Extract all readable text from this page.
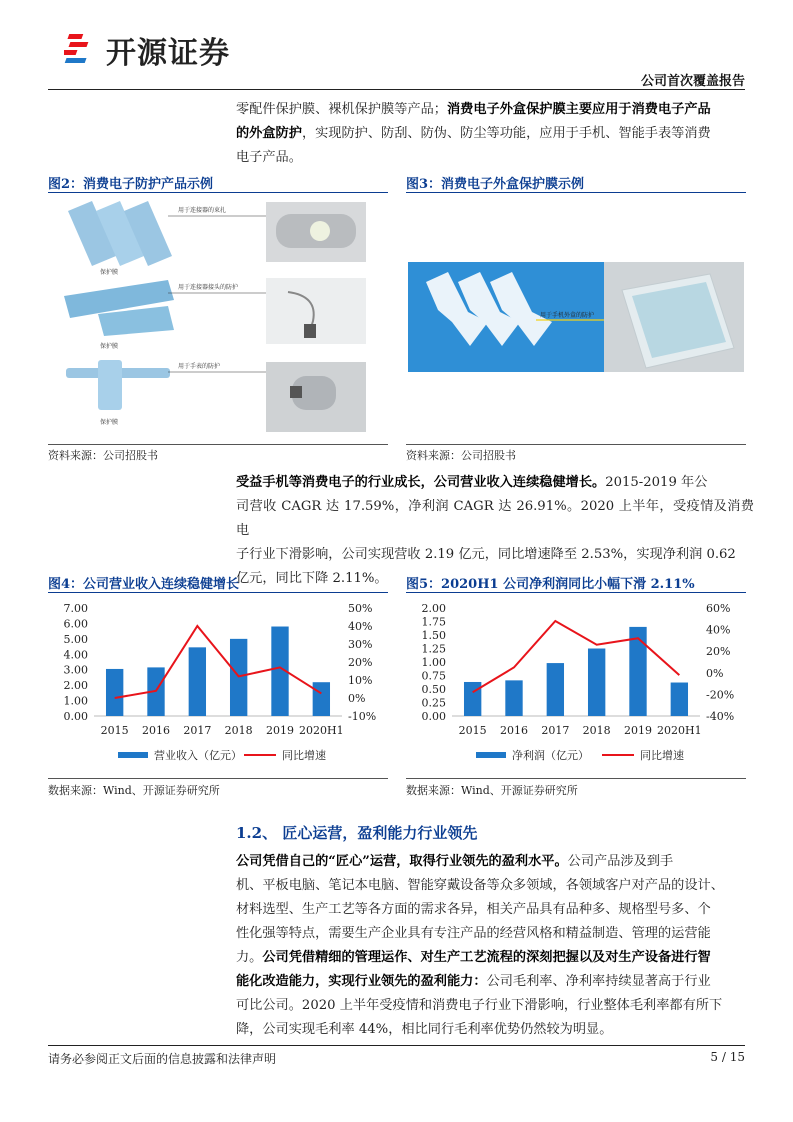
开源证券
公司首次覆盖报告
零配件保护膜、裸机保护膜等产品；消费电子外盒保护膜主要应用于消费电子产品
的外盒防护，实现防护、防刮、防伪、防尘等功能，应用于手机、智能手表等消费
电子产品。
图2：消费电子防护产品示例
保护膜
用于连接器的束扎
保护膜
用于连接器接头的防护
保护膜
用于手表的防护
资料来源：公司招股书
图3：消费电子外盒保护膜示例
用于手机外盒的防护
资料来源：公司招股书
受益手机等消费电子的行业成长，公司营业收入连续稳健增长。2015-2019 年公
司营收 CAGR 达 17.59%，净利润 CAGR 达 26.91%。2020 上半年，受疫情及消费电
子行业下滑影响，公司实现营收 2.19 亿元，同比增速降至 2.53%，实现净利润 0.62
亿元，同比下降 2.11%。
图4：公司营业收入连续稳健增长
0.00
1.00
2.00
3.00
4.00
5.00
6.00
7.00
-10%
0%
10%
20%
30%
40%
50%
2015 2016 2017 2018 2019 2020H1
营业收入（亿元）	同比增速
数据来源：Wind、开源证券研究所
图5：2020H1 公司净利润同比小幅下滑 2.11%
0.00
0.25
0.50
0.75
1.00
1.25
1.50
1.75
2.00
-40%
-20%
0%
20%
40%
60%
2015 2016 2017 2018 2019 2020H1
净利润（亿元）	同比增速
数据来源：Wind、开源证券研究所
1.2、 匠心运营，盈利能力行业领先
公司凭借自己的“匠心”运营，取得行业领先的盈利水平。公司产品涉及到手
机、平板电脑、笔记本电脑、智能穿戴设备等众多领域，各领域客户对产品的设计、
材料选型、生产工艺等各方面的需求各异，相关产品具有品种多、规格型号多、个
性化强等特点，需要生产企业具有专注产品的经营风格和精益制造、管理的运营能
力。公司凭借精细的管理运作、对生产工艺流程的深刻把握以及对生产设备进行智
能化改造能力，实现行业领先的盈利能力：公司毛利率、净利率持续显著高于行业
可比公司。2020 上半年受疫情和消费电子行业下滑影响，行业整体毛利率都有所下
降，公司实现毛利率 44%，相比同行毛利率优势仍然较为明显。
请务必参阅正文后面的信息披露和法律声明	5 / 15
